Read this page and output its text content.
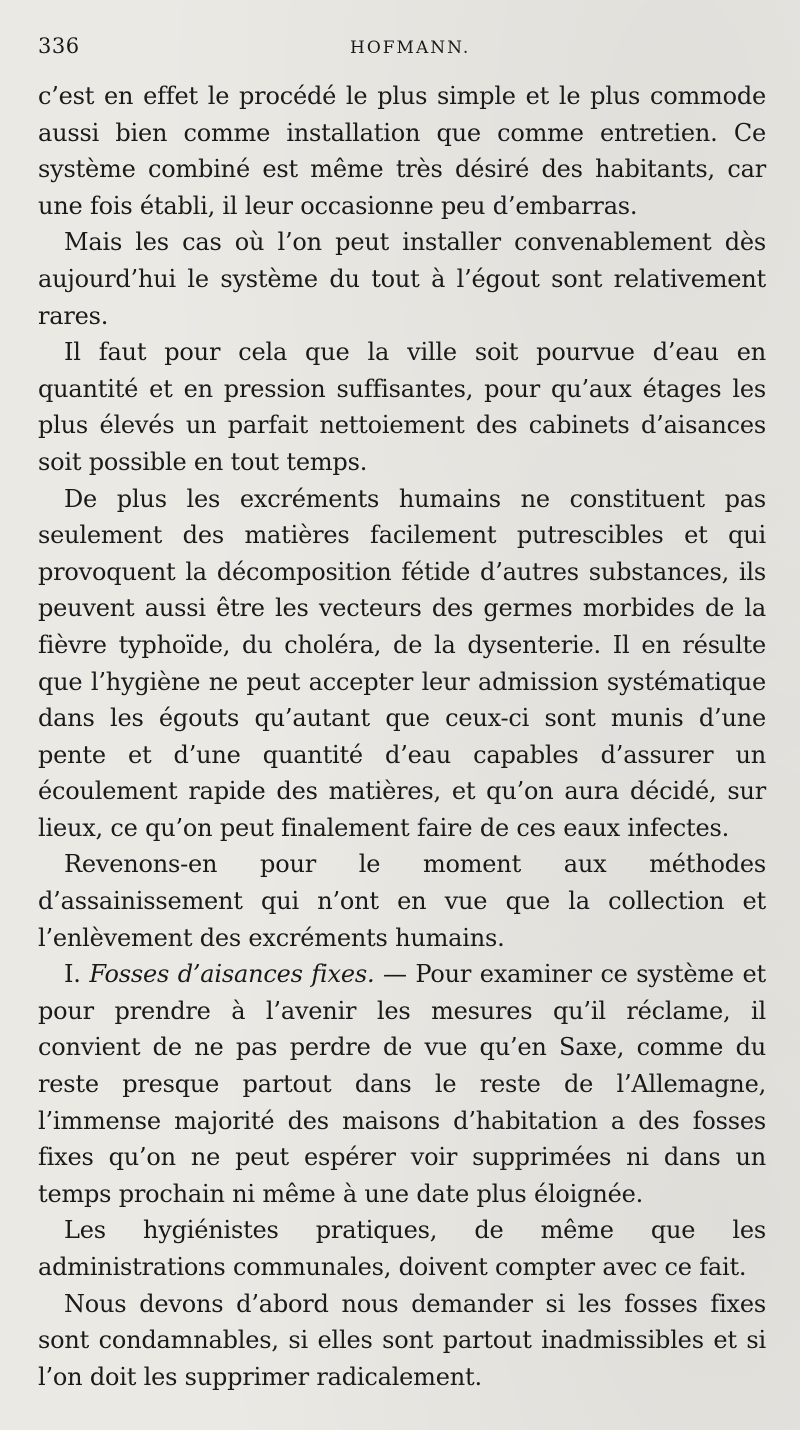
336	HOFMANN.

c’est en effet le procédé le plus simple et le plus commode aussi bien comme installation que comme entretien. Ce système combiné est même très désiré des habitants, car une fois établi, il leur occasionne peu d’embarras.

Mais les cas où l’on peut installer convenablement dès aujourd’hui le système du tout à l’égout sont relativement rares.

Il faut pour cela que la ville soit pourvue d’eau en quantité et en pression suffisantes, pour qu’aux étages les plus élevés un parfait nettoiement des cabinets d’aisances soit possible en tout temps.

De plus les excréments humains ne constituent pas seulement des matières facilement putrescibles et qui provoquent la décomposition fétide d’autres substances, ils peuvent aussi être les vecteurs des germes morbides de la fièvre typhoïde, du choléra, de la dysenterie. Il en résulte que l’hygiène ne peut accepter leur admission systématique dans les égouts qu’autant que ceux-ci sont munis d’une pente et d’une quantité d’eau capables d’assurer un écoulement rapide des matières, et qu’on aura décidé, sur lieux, ce qu’on peut finalement faire de ces eaux infectes.

Revenons-en pour le moment aux méthodes d’assainissement qui n’ont en vue que la collection et l’enlèvement des excréments humains.

I. Fosses d’aisances fixes. — Pour examiner ce système et pour prendre à l’avenir les mesures qu’il réclame, il convient de ne pas perdre de vue qu’en Saxe, comme du reste presque partout dans le reste de l’Allemagne, l’immense majorité des maisons d’habitation a des fosses fixes qu’on ne peut espérer voir supprimées ni dans un temps prochain ni même à une date plus éloignée.

Les hygiénistes pratiques, de même que les administrations communales, doivent compter avec ce fait.

Nous devons d’abord nous demander si les fosses fixes sont condamnables, si elles sont partout inadmissibles et si l’on doit les supprimer radicalement.
